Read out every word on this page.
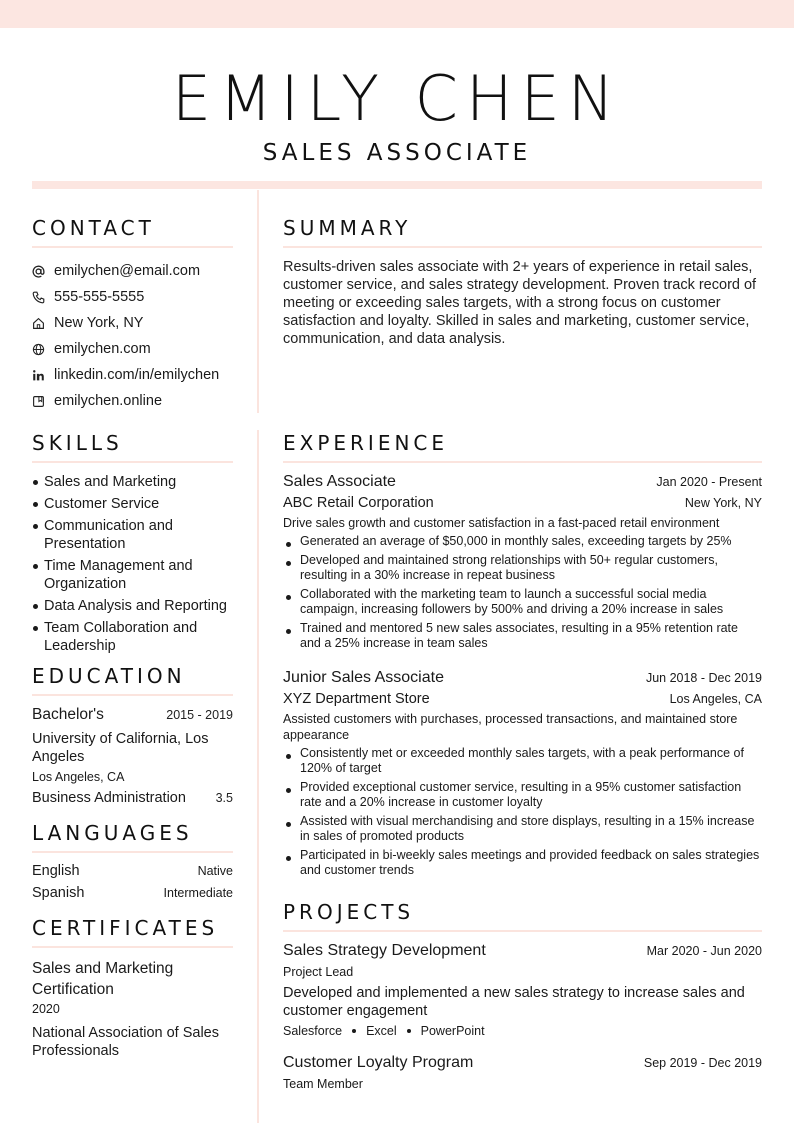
EMILY CHEN
SALES ASSOCIATE
CONTACT
emilychen@email.com
555-555-5555
New York, NY
emilychen.com
linkedin.com/in/emilychen
emilychen.online
SUMMARY
Results-driven sales associate with 2+ years of experience in retail sales, customer service, and sales strategy development. Proven track record of meeting or exceeding sales targets, with a strong focus on customer satisfaction and loyalty. Skilled in sales and marketing, customer service, communication, and data analysis.
SKILLS
Sales and Marketing
Customer Service
Communication and Presentation
Time Management and Organization
Data Analysis and Reporting
Team Collaboration and Leadership
EDUCATION
Bachelor's	2015 - 2019
University of California, Los Angeles
Los Angeles, CA
Business Administration 3.5
LANGUAGES
English	Native
Spanish	Intermediate
CERTIFICATES
Sales and Marketing Certification
2020
National Association of Sales Professionals
EXPERIENCE
Sales Associate	Jan 2020 - Present
ABC Retail Corporation	New York, NY
Drive sales growth and customer satisfaction in a fast-paced retail environment
Generated an average of $50,000 in monthly sales, exceeding targets by 25%
Developed and maintained strong relationships with 50+ regular customers, resulting in a 30% increase in repeat business
Collaborated with the marketing team to launch a successful social media campaign, increasing followers by 500% and driving a 20% increase in sales
Trained and mentored 5 new sales associates, resulting in a 95% retention rate and a 25% increase in team sales
Junior Sales Associate	Jun 2018 - Dec 2019
XYZ Department Store	Los Angeles, CA
Assisted customers with purchases, processed transactions, and maintained store appearance
Consistently met or exceeded monthly sales targets, with a peak performance of 120% of target
Provided exceptional customer service, resulting in a 95% customer satisfaction rate and a 20% increase in customer loyalty
Assisted with visual merchandising and store displays, resulting in a 15% increase in sales of promoted products
Participated in bi-weekly sales meetings and provided feedback on sales strategies and customer trends
PROJECTS
Sales Strategy Development	Mar 2020 - Jun 2020
Project Lead
Developed and implemented a new sales strategy to increase sales and customer engagement
Salesforce Excel PowerPoint
Customer Loyalty Program	Sep 2019 - Dec 2019
Team Member
